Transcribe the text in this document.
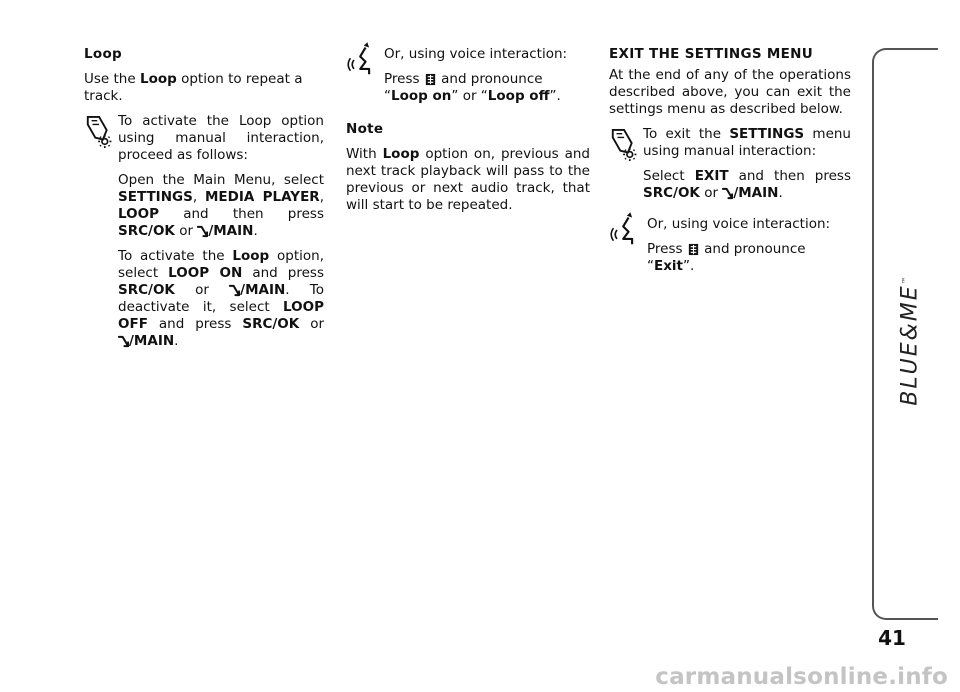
Loop

Use the Loop option to repeat a track.

To activate the Loop option using manual interaction, proceed as follows:

Open the Main Menu, select SETTINGS, MEDIA PLAYER, LOOP and then press SRC/OK or /MAIN.

To activate the Loop option, select LOOP ON and press SRC/OK or /MAIN. To deactivate it, select LOOP OFF and press SRC/OK or /MAIN.

Or, using voice interaction:

Press  and pronounce “Loop on” or “Loop off”.

Note

With Loop option on, previous and next track playback will pass to the previous or next audio track, that will start to be repeated.

EXIT THE SETTINGS MENU

At the end of any of the operations described above, you can exit the settings menu as described below.

To exit the SETTINGS menu using manual interaction:

Select EXIT and then press SRC/OK or /MAIN.

Or, using voice interaction:

Press  and pronounce “Exit”.

BLUE&ME™
41
carmanualsonline.info
